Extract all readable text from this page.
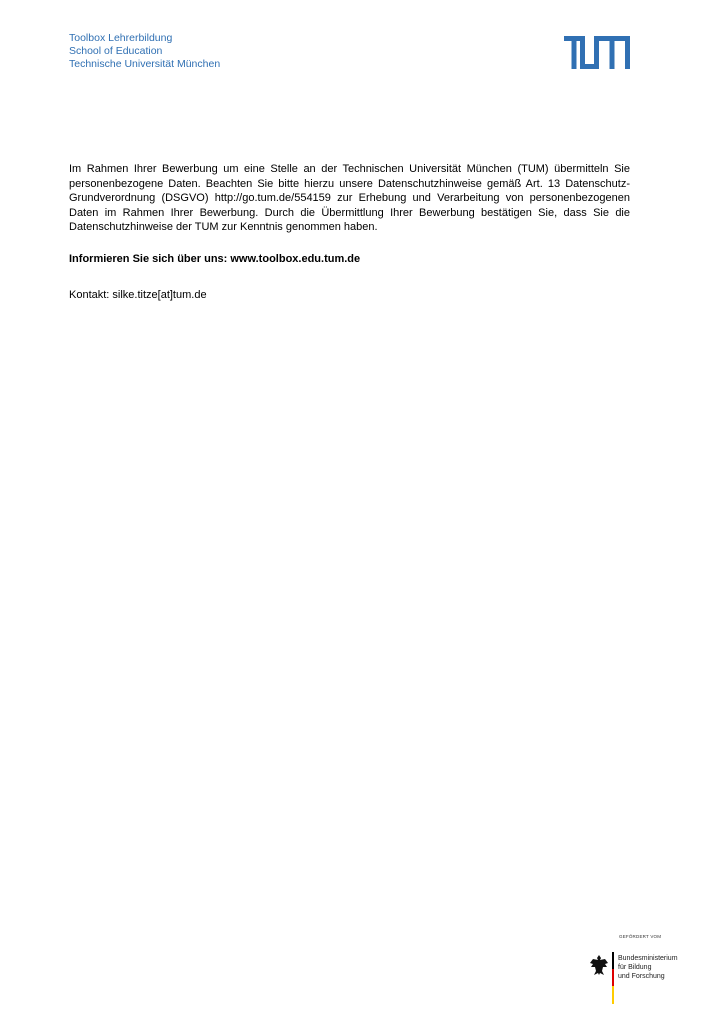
Toolbox Lehrerbildung
School of Education
Technische Universität München
Im Rahmen Ihrer Bewerbung um eine Stelle an der Technischen Universität München (TUM) übermitteln Sie personenbezogene Daten. Beachten Sie bitte hierzu unsere Datenschutzhinweise gemäß Art. 13 Datenschutz-Grundverordnung (DSGVO) http://go.tum.de/554159 zur Erhebung und Verarbeitung von personenbezogenen Daten im Rahmen Ihrer Bewerbung. Durch die Übermittlung Ihrer Bewerbung bestätigen Sie, dass Sie die Datenschutzhinweise der TUM zur Kenntnis genommen haben.
Informieren Sie sich über uns: www.toolbox.edu.tum.de
Kontakt: silke.titze[at]tum.de
GEFÖRDERT VOM
Bundesministerium
für Bildung
und Forschung
